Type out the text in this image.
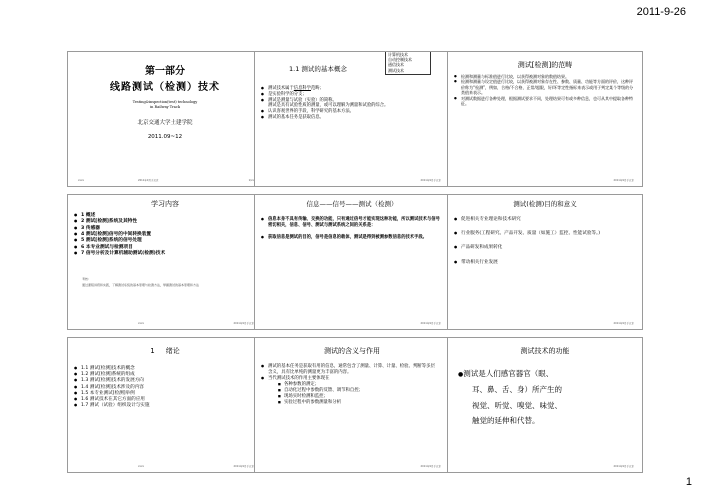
2011-9-26
第一部分
线路测试（检测）技术
Testing&inspection(test) technology
in Railway Track
北京交通大学土建学院
2011.09~12
xxxx	2011年9月于北京	1/xx
1.1 测试的基本概念
计算机技术
自动控制技术
通信技术
测试技术
● 测试技术属于信息科学范畴；
● 是实验科学的分支；
● 测试是测量与试验（实验）的简称。
测试是具有试验性质的测量，或可以理解为测量和试验的综合。
● 认识客观世界的手段，科学研究的基本方法。
● 测试的基本任务是获取信息。
2011年9月于北京
测试[检测]的范畴
● 检测和测量与标准值进行比较，以获得被测对象的数值结果。
● 检测和测量与设定值进行比较，以获得被测对象存在性、参数、质量、功能等方面的评价，这种评价称为“检测”，例如，合格/不合格，正常/超限，好/坏等定性指标来表示或用于判定某个等级的分类值来表示。
● 对测试数据进行各种处理，根据测试要求不同，处理结果可有或多种信息，也可从其中提取各种特征。
2011年9月于北京
学习内容
● 1 概述
● 2 测试[检测]系统及其特性
● 3 传感器
● 4 测试[检测]信号的中间转换装置
● 5 测试[检测]系统的信号处理
● 6 本专业测试与检测项目
● 7 信号分析及计算机辅助测试(检测)技术
考核：
通过课程讲授和实践，了解测试系统的基本原理与检测方法，掌握测试的基本原理和方法
xxxx	2011年9月于北京
信息——信号——测试（检测）
● 信息本身不具有传输、交换的功能，只有通过信号才能实现这种功能，所以测试技术与信号密切相关，信息、信号、测试与测试系统之间的关系是：
● 获取信息是测试的目的，信号是信息的载体，测试是得到被测参数信息的技术手段。
2011年9月于北京
测试(检测)目的和意义
● 促进相关专业理论和技术研究
● 行业服务(工程研究、产品开发、质量（如施工）监控、性能试验等。)
● 产品研发和成果转化
● 带动相关行业发展
2011年9月于北京
1 绪论
● 1.1 测试[检测]技术的概念
● 1.2 测试[检测]系统的组成
● 1.3 测试[检测]技术的发展方向
● 1.4 测试[检测]技术涉及的内容
● 1.5 本专业测试[检测]举例
● 1.6 测试技术在其它方面的应用
● 1.7 测试（试验）组织设计与实施
xxxx	2011年9月于北京
测试的含义与作用
● 测试的基本任务是获取有用的信息，通常包含了测量、计算、计量、检验、判断等多层含义，具有比单纯的测量更为丰富的内容。
● 当代测试技术的作用主要体现在
■ 各种参数的测定；
■ 自动化过程中参数的反馈、调节和自控；
■ 现场实时检测和监控；
■ 实验过程中的参数测量和分析
2011年9月于北京
测试技术的功能
●测试是人们感官器官（眼、
耳、鼻、舌、身）所产生的
视觉、听觉、嗅觉、味觉、
触觉的延伸和代替。
2011年9月于北京
1
